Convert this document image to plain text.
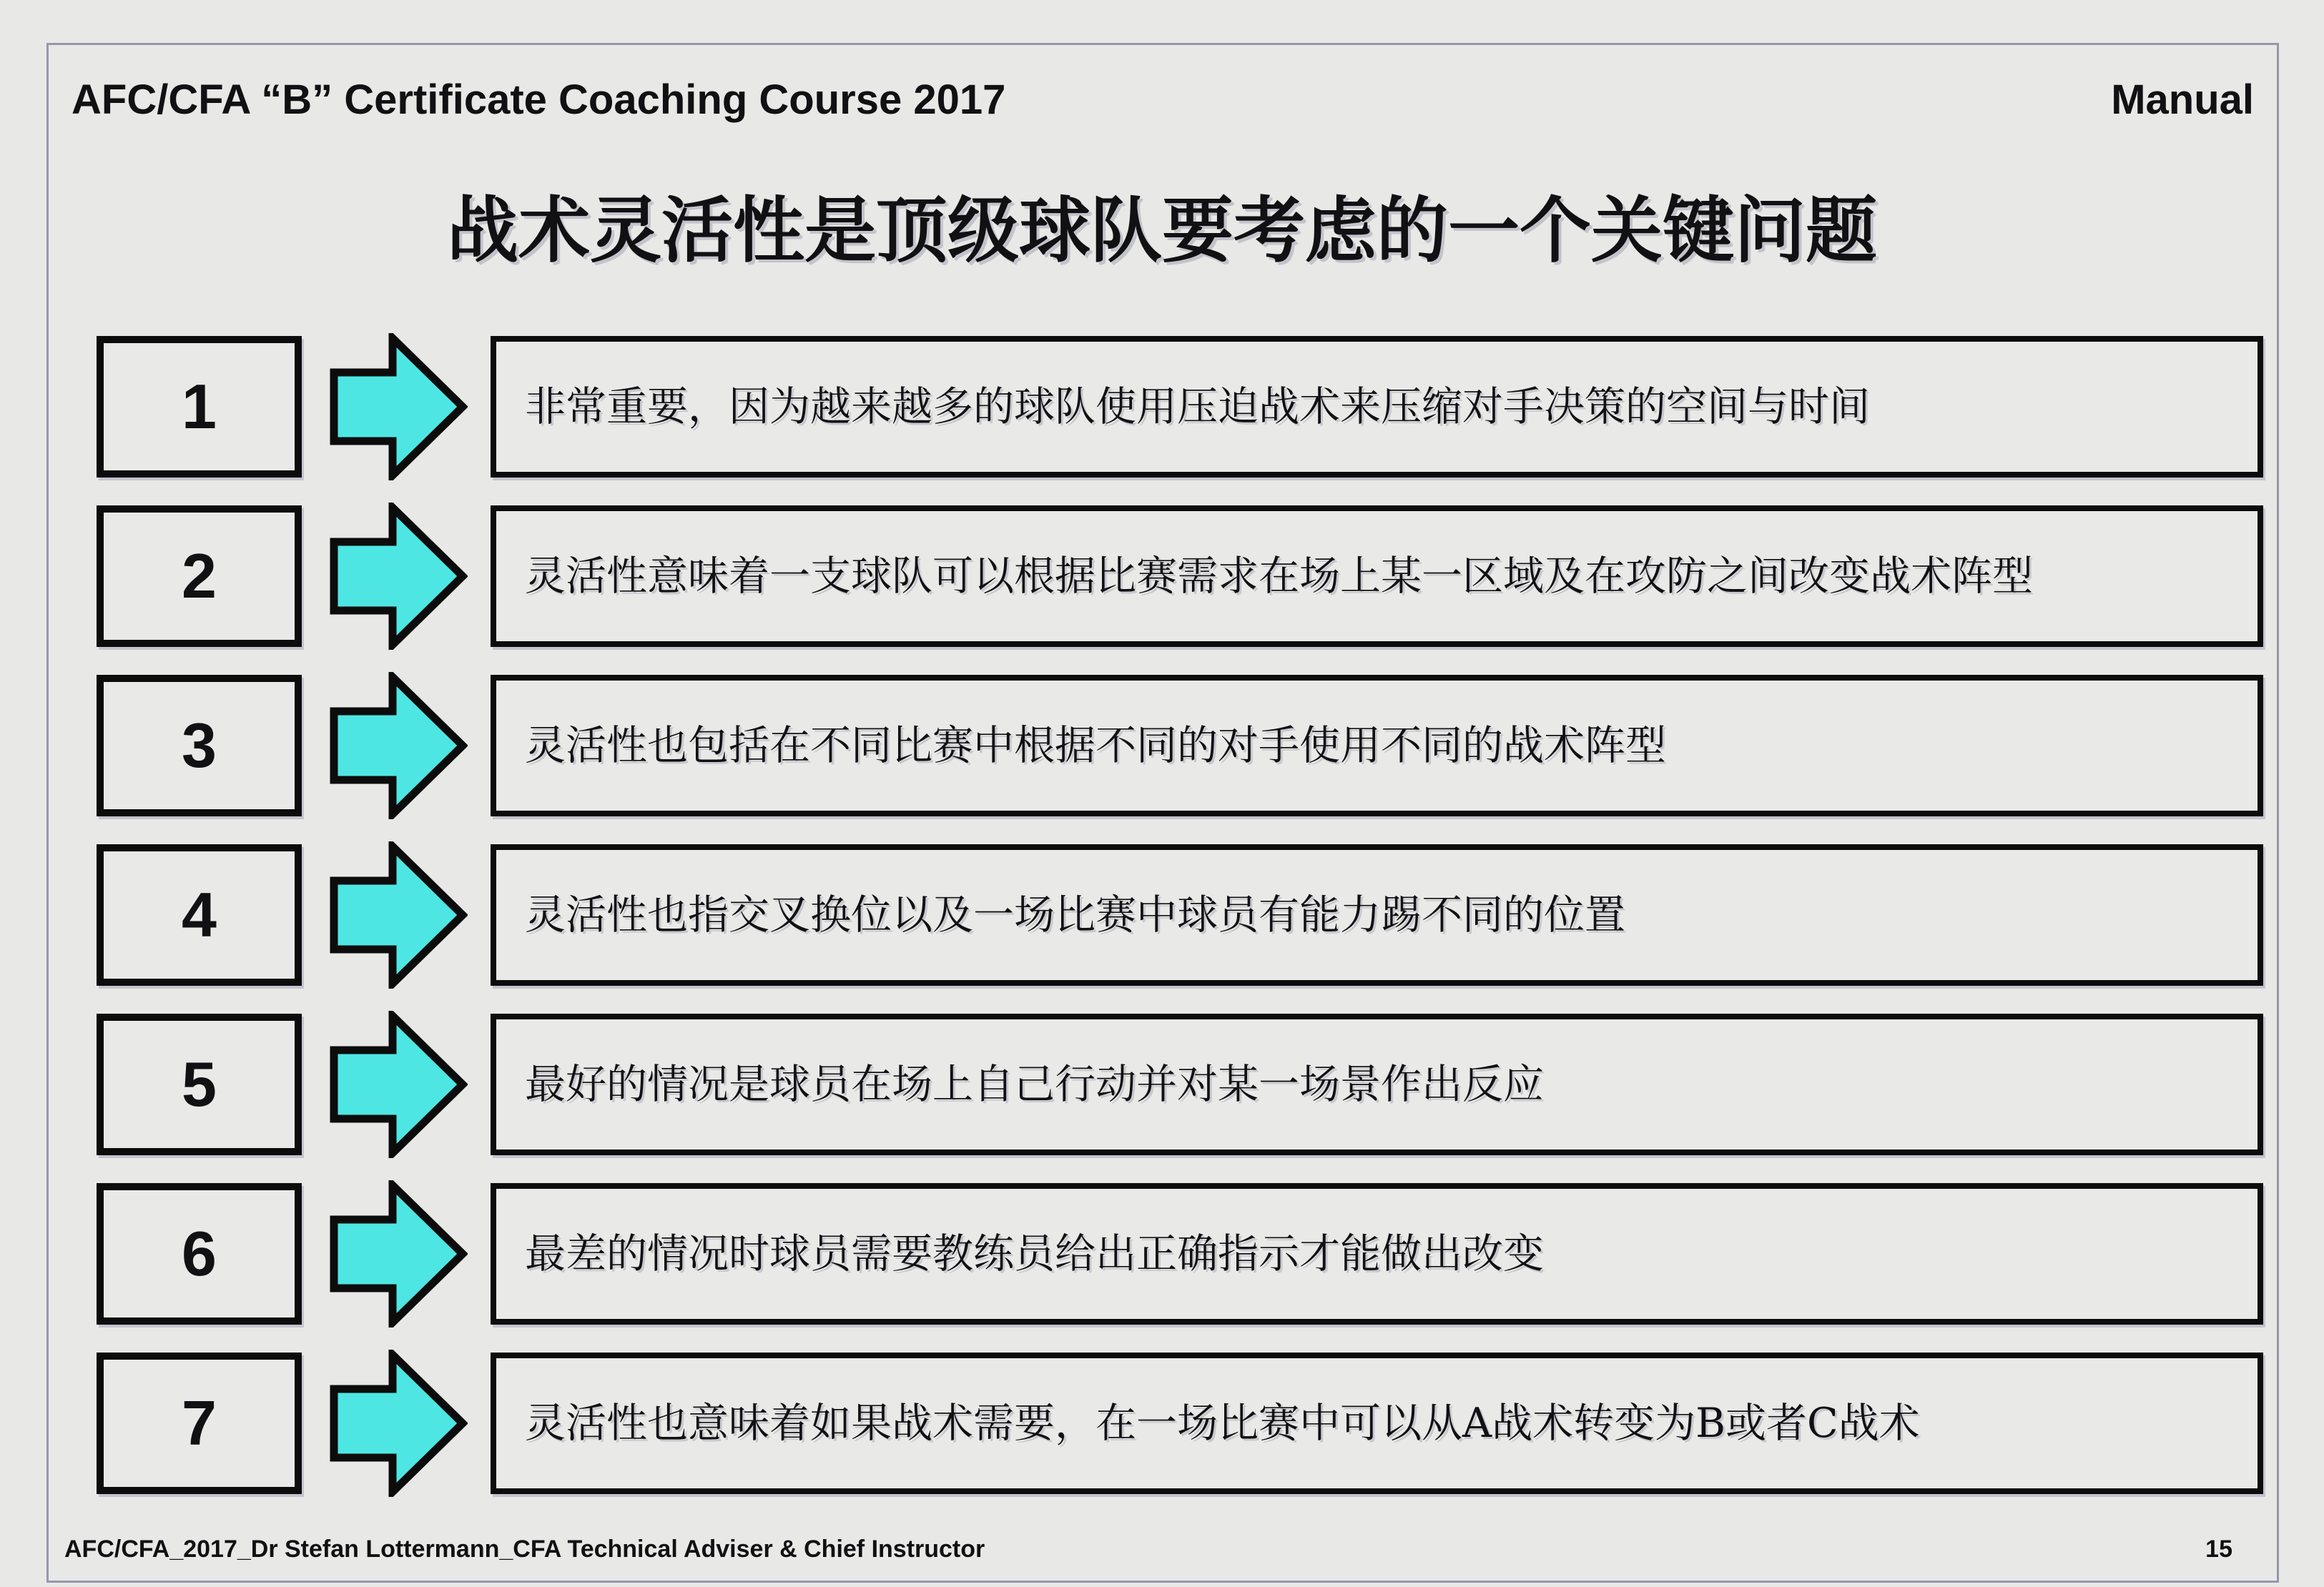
AFC/CFA “B” Certificate Coaching Course 2017	Manual
战术灵活性是顶级球队要考虑的一个关键问题
1	非常重要，因为越来越多的球队使用压迫战术来压缩对手决策的空间与时间
2	灵活性意味着一支球队可以根据比赛需求在场上某一区域及在攻防之间改变战术阵型
3	灵活性也包括在不同比赛中根据不同的对手使用不同的战术阵型
4	灵活性也指交叉换位以及一场比赛中球员有能力踢不同的位置
5	最好的情况是球员在场上自己行动并对某一场景作出反应
6	最差的情况时球员需要教练员给出正确指示才能做出改变
7	灵活性也意味着如果战术需要，在一场比赛中可以从A战术转变为B或者C战术
AFC/CFA_2017_Dr Stefan Lottermann_CFA Technical Adviser & Chief Instructor	15
